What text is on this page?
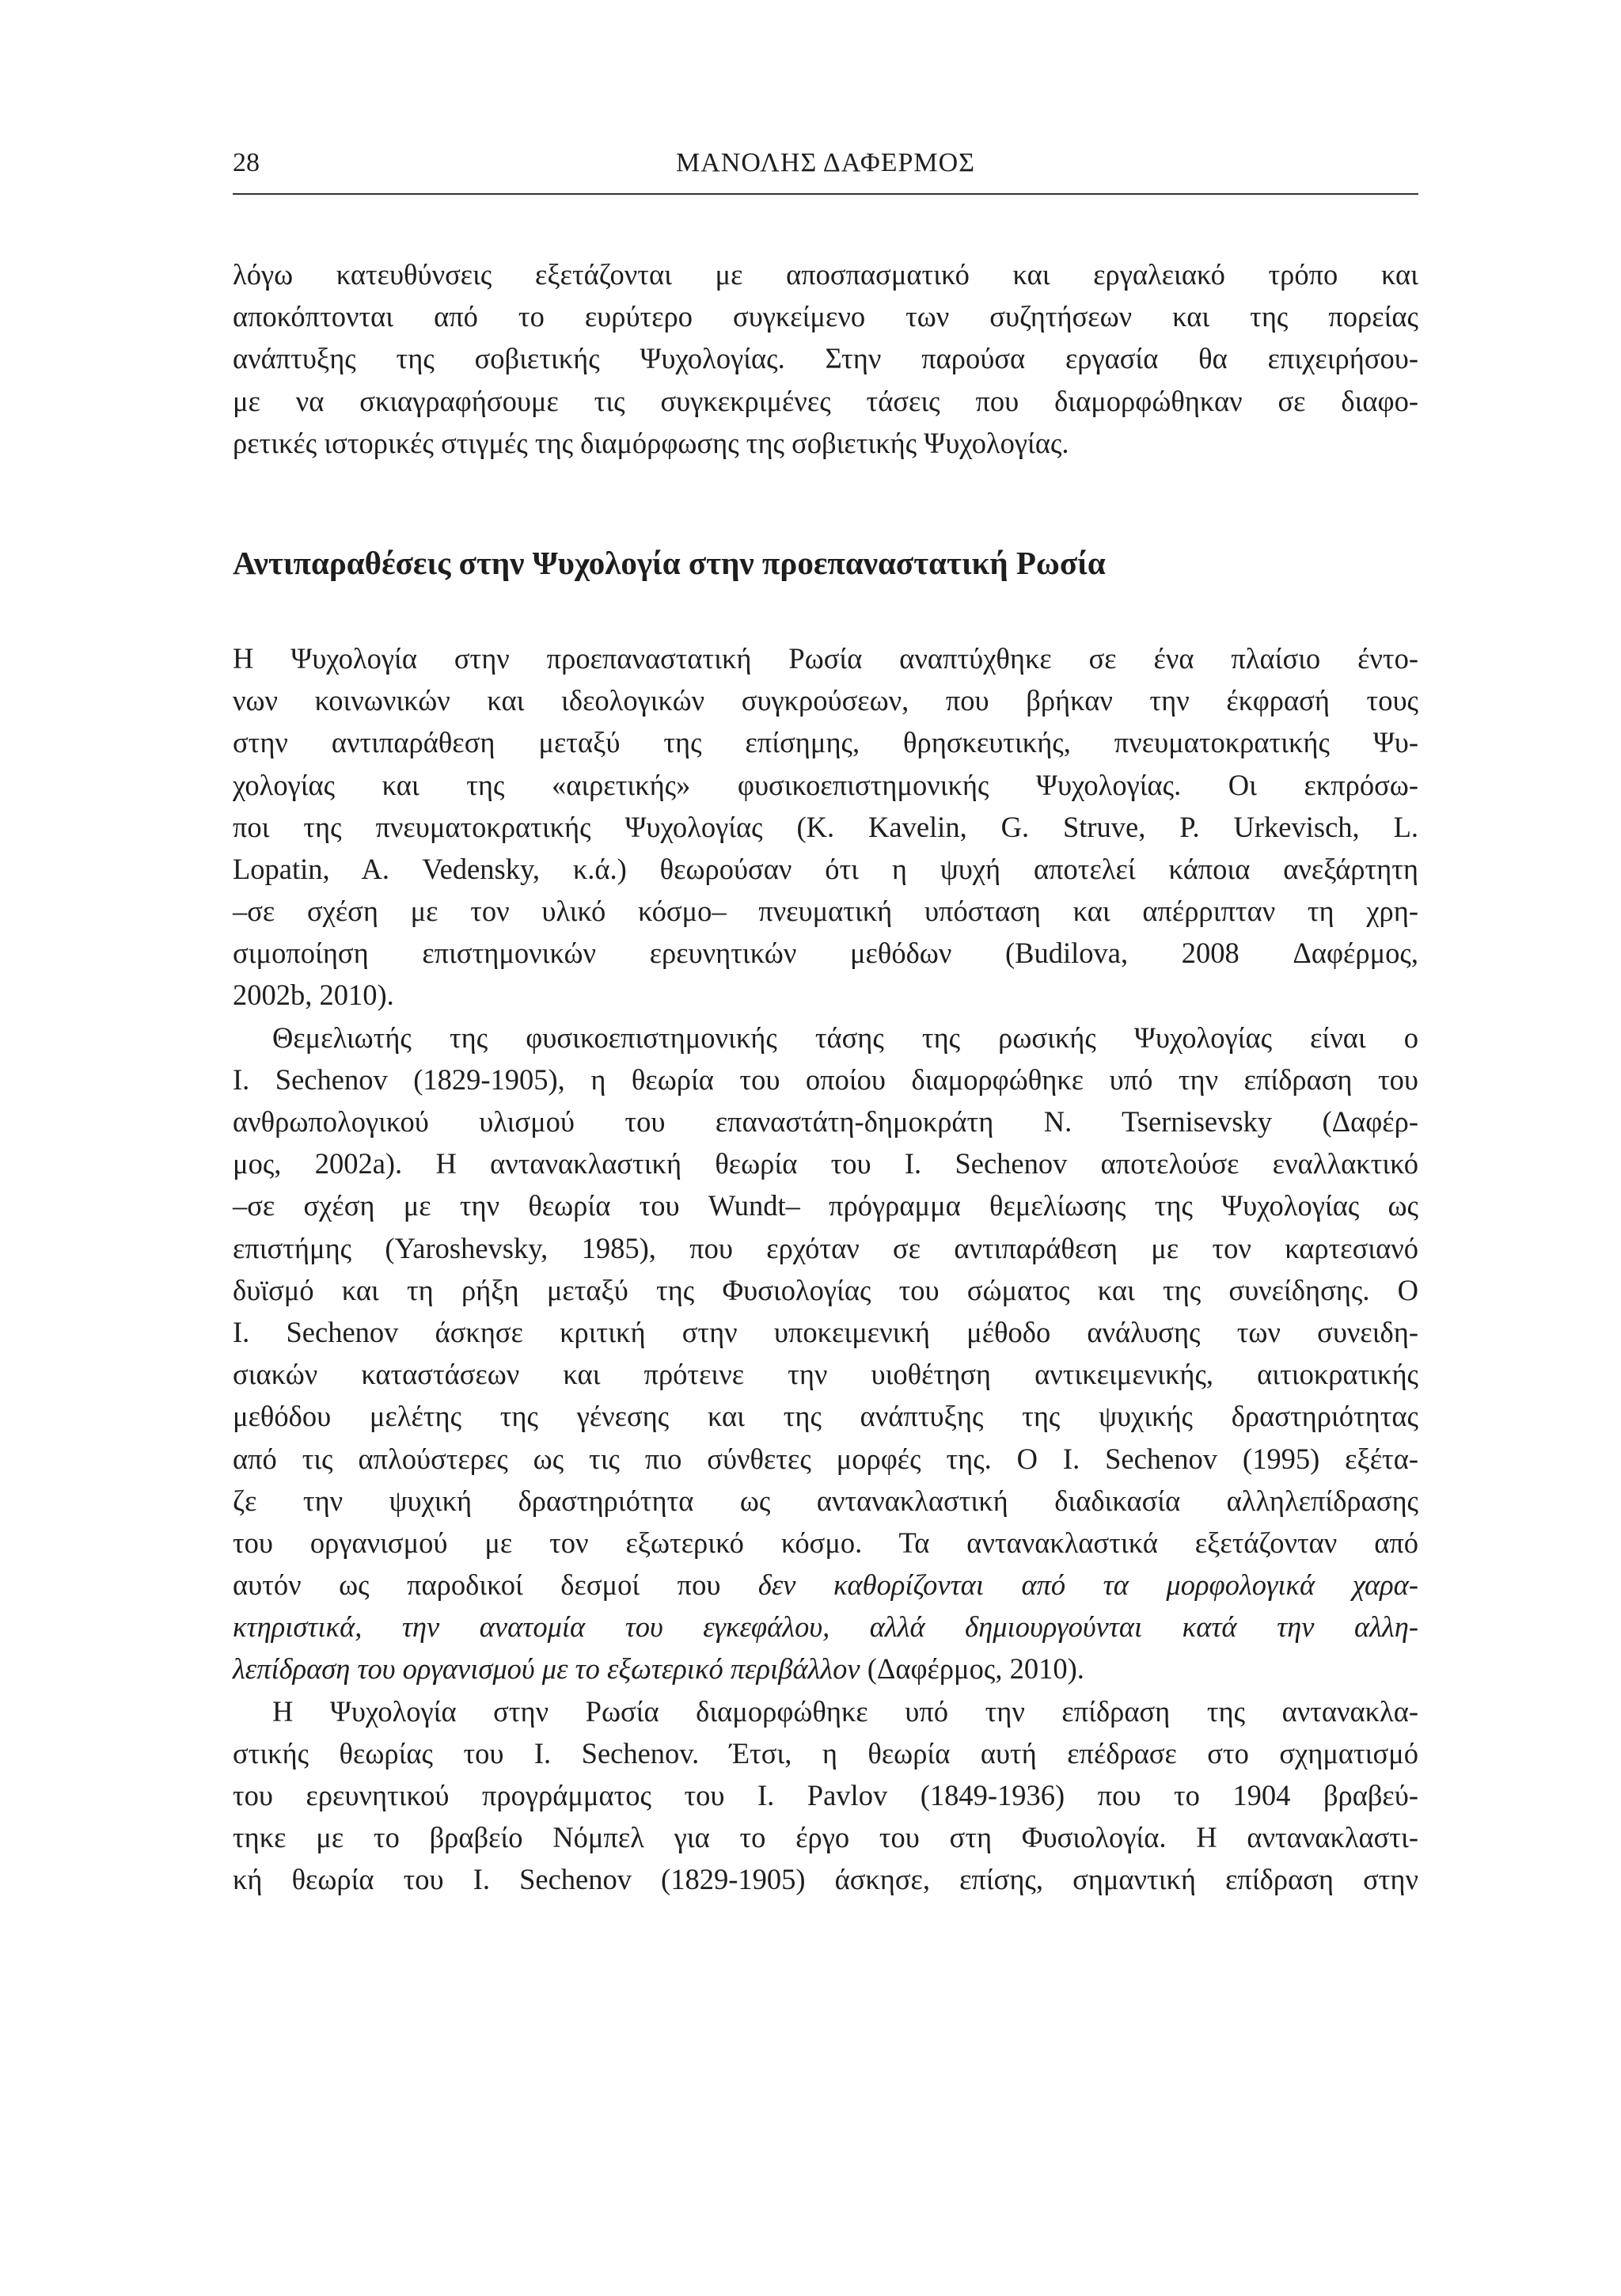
28	ΜΑΝΟΛΗΣ ΔΑΦΕΡΜΟΣ
λόγω κατευθύνσεις εξετάζονται με αποσπασματικό και εργαλειακό τρόπο και
αποκόπτονται από το ευρύτερο συγκείμενο των συζητήσεων και της πορείας
ανάπτυξης της σοβιετικής Ψυχολογίας. Στην παρούσα εργασία θα επιχειρήσου-
με να σκιαγραφήσουμε τις συγκεκριμένες τάσεις που διαμορφώθηκαν σε διαφο-
ρετικές ιστορικές στιγμές της διαμόρφωσης της σοβιετικής Ψυχολογίας.
Αντιπαραθέσεις στην Ψυχολογία στην προεπαναστατική Ρωσία
Η Ψυχολογία στην προεπαναστατική Ρωσία αναπτύχθηκε σε ένα πλαίσιο έντο-
νων κοινωνικών και ιδεολογικών συγκρούσεων, που βρήκαν την έκφρασή τους
στην αντιπαράθεση μεταξύ της επίσημης, θρησκευτικής, πνευματοκρατικής Ψυ-
χολογίας και της «αιρετικής» φυσικοεπιστημονικής Ψυχολογίας. Οι εκπρόσω-
ποι της πνευματοκρατικής Ψυχολογίας (K. Kavelin, G. Struve, P. Urkevisch, L.
Lopatin, A. Vedensky, κ.ά.) θεωρούσαν ότι η ψυχή αποτελεί κάποια ανεξάρτητη
–σε σχέση με τον υλικό κόσμο– πνευματική υπόσταση και απέρριπταν τη χρη-
σιμοποίηση επιστημονικών ερευνητικών μεθόδων (Budilova, 2008 Δαφέρμος,
2002b, 2010).
Θεμελιωτής της φυσικοεπιστημονικής τάσης της ρωσικής Ψυχολογίας είναι ο
I. Sechenov (1829-1905), η θεωρία του οποίου διαμορφώθηκε υπό την επίδραση του
ανθρωπολογικού υλισμού του επαναστάτη-δημοκράτη N. Tsernisevsky (Δαφέρ-
μος, 2002a). Η αντανακλαστική θεωρία του I. Sechenov αποτελούσε εναλλακτικό
–σε σχέση με την θεωρία του Wundt– πρόγραμμα θεμελίωσης της Ψυχολογίας ως
επιστήμης (Yaroshevsky, 1985), που ερχόταν σε αντιπαράθεση με τον καρτεσιανό
δυϊσμό και τη ρήξη μεταξύ της Φυσιολογίας του σώματος και της συνείδησης. Ο
I. Sechenov άσκησε κριτική στην υποκειμενική μέθοδο ανάλυσης των συνειδη-
σιακών καταστάσεων και πρότεινε την υιοθέτηση αντικειμενικής, αιτιοκρατικής
μεθόδου μελέτης της γένεσης και της ανάπτυξης της ψυχικής δραστηριότητας
από τις απλούστερες ως τις πιο σύνθετες μορφές της. Ο I. Sechenov (1995) εξέτα-
ζε την ψυχική δραστηριότητα ως αντανακλαστική διαδικασία αλληλεπίδρασης
του οργανισμού με τον εξωτερικό κόσμο. Τα αντανακλαστικά εξετάζονταν από
αυτόν ως παροδικοί δεσμοί που δεν καθορίζονται από τα μορφολογικά χαρα-
κτηριστικά, την ανατομία του εγκεφάλου, αλλά δημιουργούνται κατά την αλλη-
λεπίδραση του οργανισμού με το εξωτερικό περιβάλλον (Δαφέρμος, 2010).
Η Ψυχολογία στην Ρωσία διαμορφώθηκε υπό την επίδραση της αντανακλα-
στικής θεωρίας του I. Sechenov. Έτσι, η θεωρία αυτή επέδρασε στο σχηματισμό
του ερευνητικού προγράμματος του I. Pavlov (1849-1936) που το 1904 βραβεύ-
τηκε με το βραβείο Νόμπελ για το έργο του στη Φυσιολογία. Η αντανακλαστι-
κή θεωρία του I. Sechenov (1829-1905) άσκησε, επίσης, σημαντική επίδραση στην
